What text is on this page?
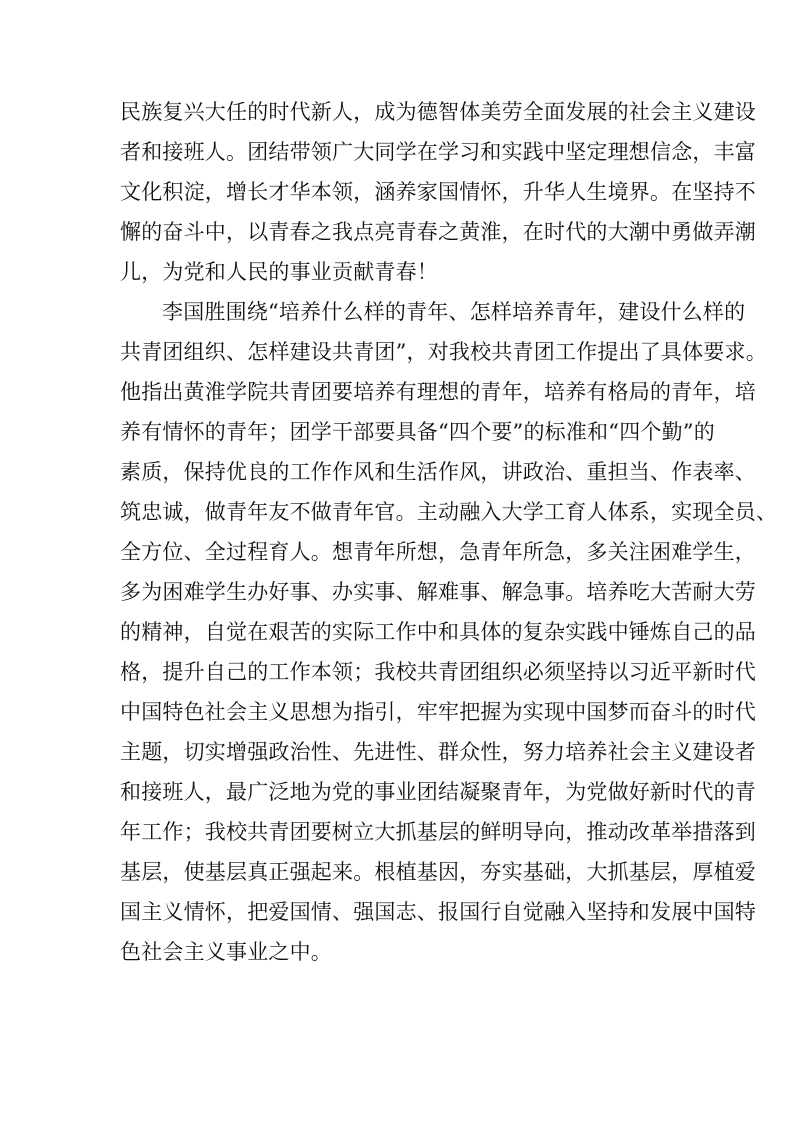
民族复兴大任的时代新人，成为德智体美劳全面发展的社会主义建设
者和接班人。团结带领广大同学在学习和实践中坚定理想信念，丰富
文化积淀，增长才华本领，涵养家国情怀，升华人生境界。在坚持不
懈的奋斗中，以青春之我点亮青春之黄淮，在时代的大潮中勇做弄潮
儿，为党和人民的事业贡献青春！
李国胜围绕“培养什么样的青年、怎样培养青年，建设什么样的
共青团组织、怎样建设共青团”，对我校共青团工作提出了具体要求。
他指出黄淮学院共青团要培养有理想的青年，培养有格局的青年，培
养有情怀的青年；团学干部要具备“四个要”的标准和“四个勤”的
素质，保持优良的工作作风和生活作风，讲政治、重担当、作表率、
筑忠诚，做青年友不做青年官。主动融入大学工育人体系，实现全员、
全方位、全过程育人。想青年所想，急青年所急，多关注困难学生，
多为困难学生办好事、办实事、解难事、解急事。培养吃大苦耐大劳
的精神，自觉在艰苦的实际工作中和具体的复杂实践中锤炼自己的品
格，提升自己的工作本领；我校共青团组织必须坚持以习近平新时代
中国特色社会主义思想为指引，牢牢把握为实现中国梦而奋斗的时代
主题，切实增强政治性、先进性、群众性，努力培养社会主义建设者
和接班人，最广泛地为党的事业团结凝聚青年，为党做好新时代的青
年工作；我校共青团要树立大抓基层的鲜明导向，推动改革举措落到
基层，使基层真正强起来。根植基因，夯实基础，大抓基层，厚植爱
国主义情怀，把爱国情、强国志、报国行自觉融入坚持和发展中国特
色社会主义事业之中。
